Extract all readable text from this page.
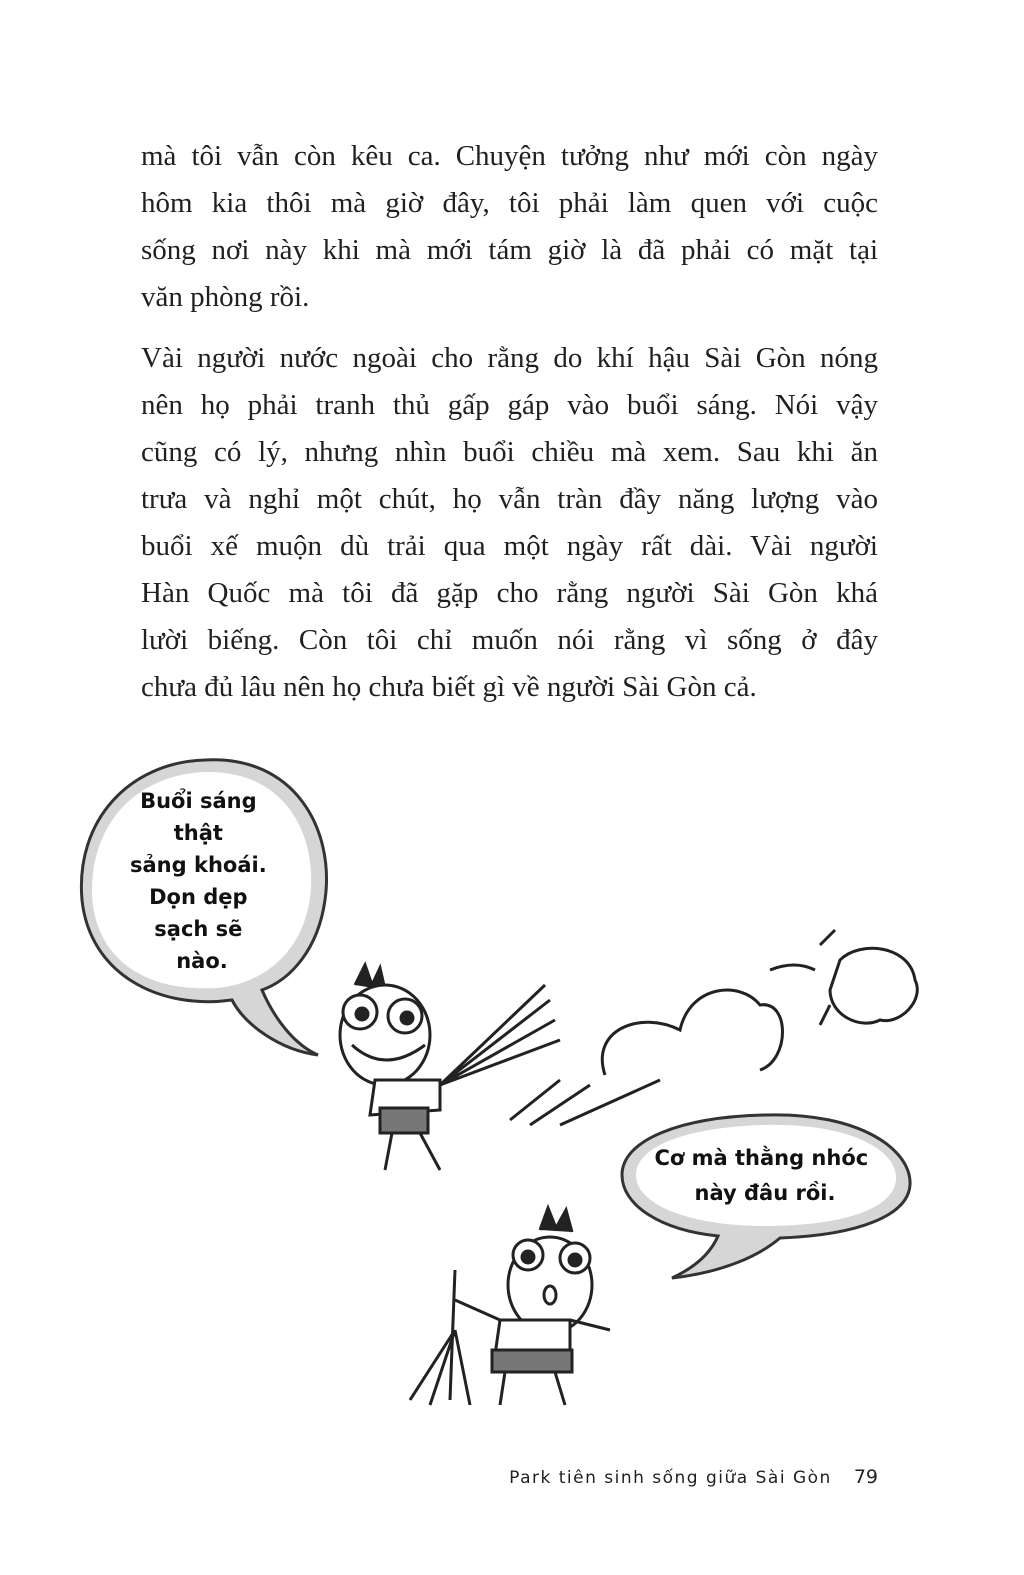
mà tôi vẫn còn kêu ca. Chuyện tưởng như mới còn ngày
hôm kia thôi mà giờ đây, tôi phải làm quen với cuộc
sống nơi này khi mà mới tám giờ là đã phải có mặt tại
văn phòng rồi.
Vài người nước ngoài cho rằng do khí hậu Sài Gòn nóng
nên họ phải tranh thủ gấp gáp vào buổi sáng. Nói vậy
cũng có lý, nhưng nhìn buổi chiều mà xem. Sau khi ăn
trưa và nghỉ một chút, họ vẫn tràn đầy năng lượng vào
buổi xế muộn dù trải qua một ngày rất dài. Vài người
Hàn Quốc mà tôi đã gặp cho rằng người Sài Gòn khá
lười biếng. Còn tôi chỉ muốn nói rằng vì sống ở đây
chưa đủ lâu nên họ chưa biết gì về người Sài Gòn cả.
Buổi sáng thật sảng khoái. Dọn dẹp sạch sẽ nào.
Cơ mà thằng nhóc này đâu rồi.
Park tiên sinh sống giữa Sài Gòn 79
